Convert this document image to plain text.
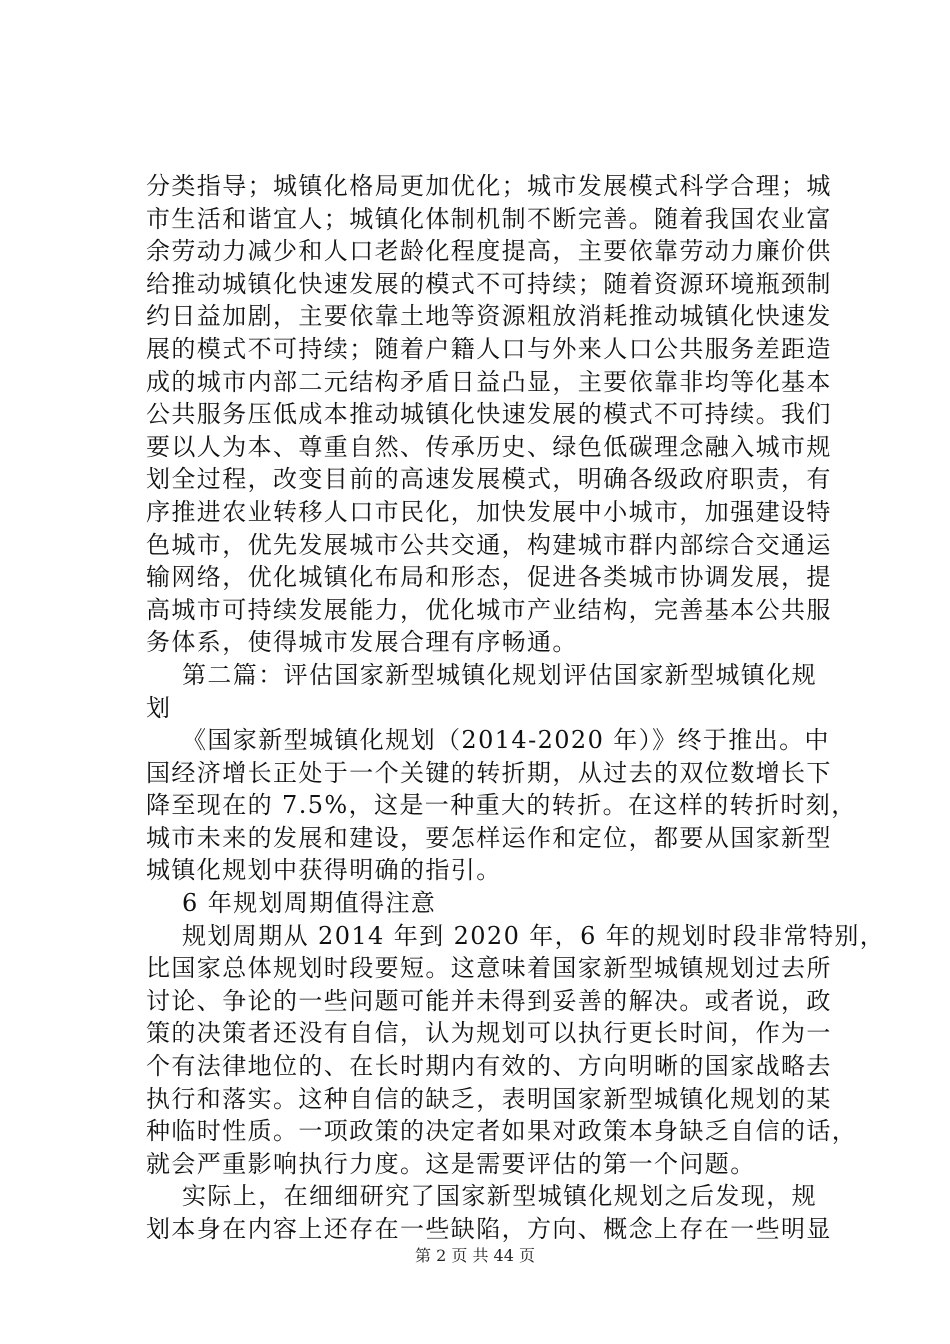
分类指导；城镇化格局更加优化；城市发展模式科学合理；城
市生活和谐宜人；城镇化体制机制不断完善。随着我国农业富
余劳动力减少和人口老龄化程度提高，主要依靠劳动力廉价供
给推动城镇化快速发展的模式不可持续；随着资源环境瓶颈制
约日益加剧，主要依靠土地等资源粗放消耗推动城镇化快速发
展的模式不可持续；随着户籍人口与外来人口公共服务差距造
成的城市内部二元结构矛盾日益凸显，主要依靠非均等化基本
公共服务压低成本推动城镇化快速发展的模式不可持续。我们
要以人为本、尊重自然、传承历史、绿色低碳理念融入城市规
划全过程，改变目前的高速发展模式，明确各级政府职责，有
序推进农业转移人口市民化，加快发展中小城市，加强建设特
色城市，优先发展城市公共交通，构建城市群内部综合交通运
输网络，优化城镇化布局和形态，促进各类城市协调发展，提
高城市可持续发展能力，优化城市产业结构，完善基本公共服
务体系，使得城市发展合理有序畅通。
第二篇：评估国家新型城镇化规划评估国家新型城镇化规
划
《国家新型城镇化规划（2014-2020 年）》终于推出。中
国经济增长正处于一个关键的转折期，从过去的双位数增长下
降至现在的 7.5%，这是一种重大的转折。在这样的转折时刻，
城市未来的发展和建设，要怎样运作和定位，都要从国家新型
城镇化规划中获得明确的指引。
6 年规划周期值得注意
规划周期从 2014 年到 2020 年，6 年的规划时段非常特别，
比国家总体规划时段要短。这意味着国家新型城镇规划过去所
讨论、争论的一些问题可能并未得到妥善的解决。或者说，政
策的决策者还没有自信，认为规划可以执行更长时间，作为一
个有法律地位的、在长时期内有效的、方向明晰的国家战略去
执行和落实。这种自信的缺乏，表明国家新型城镇化规划的某
种临时性质。一项政策的决定者如果对政策本身缺乏自信的话，
就会严重影响执行力度。这是需要评估的第一个问题。
实际上，在细细研究了国家新型城镇化规划之后发现，规
划本身在内容上还存在一些缺陷，方向、概念上存在一些明显
第 2 页 共 44 页
